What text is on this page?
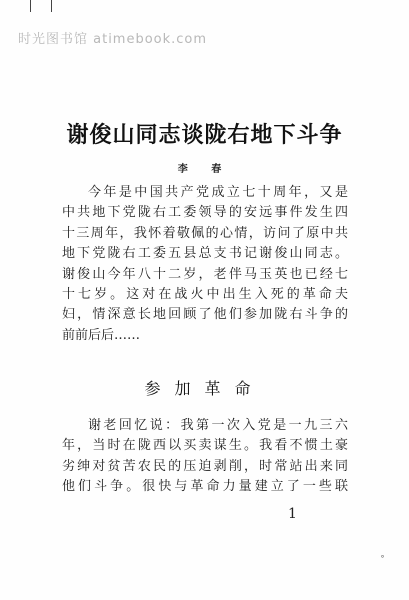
时光图书馆 atimebook.com
谢俊山同志谈陇右地下斗争
李 春

今年是中国共产党成立七十周年，又是
中共地下党陇右工委领导的安远事件发生四
十三周年，我怀着敬佩的心情，访问了原中共
地下党陇右工委五县总支书记谢俊山同志。
谢俊山今年八十二岁，老伴马玉英也已经七
十七岁。这对在战火中出生入死的革命夫
妇，情深意长地回顾了他们参加陇右斗争的
前前后后……

参加革命

谢老回忆说：我第一次入党是一九三六
年，当时在陇西以买卖谋生。我看不惯土豪
劣绅对贫苦农民的压迫剥削，时常站出来同
他们斗争。很快与革命力量建立了一些联

1
˚
